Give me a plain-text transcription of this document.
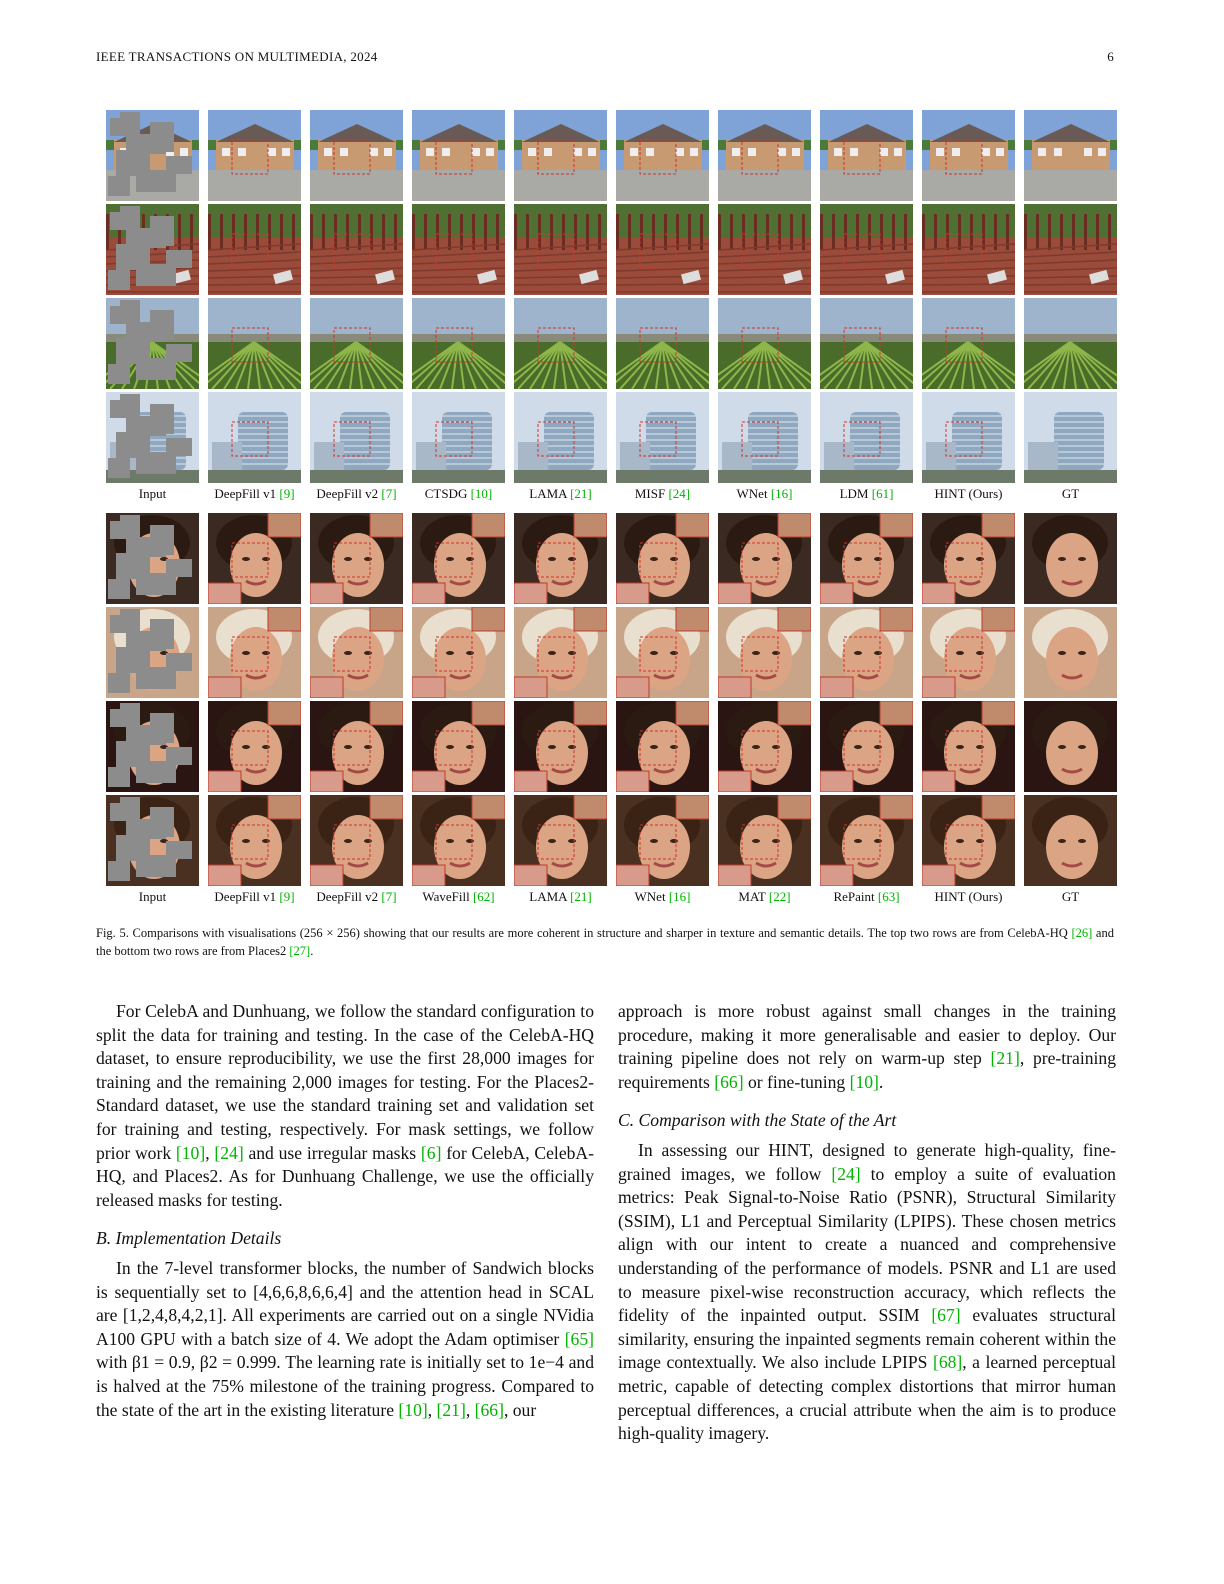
IEEE TRANSACTIONS ON MULTIMEDIA, 2024	6
Input	DeepFill v1 [9]	DeepFill v2 [7]	CTSDG [10]	LAMA [21]	MISF [24]	WNet [16]	LDM [61]	HINT (Ours)	GT
Input	DeepFill v1 [9]	DeepFill v2 [7]	WaveFill [62]	LAMA [21]	WNet [16]	MAT [22]	RePaint [63]	HINT (Ours)	GT
Fig. 5. Comparisons with visualisations (256 × 256) showing that our results are more coherent in structure and sharper in texture and semantic details. The top two rows are from CelebA-HQ [26] and the bottom two rows are from Places2 [27].

For CelebA and Dunhuang, we follow the standard configuration to split the data for training and testing. In the case of the CelebA-HQ dataset, to ensure reproducibility, we use the first 28,000 images for training and the remaining 2,000 images for testing. For the Places2-Standard dataset, we use the standard training set and validation set for training and testing, respectively. For mask settings, we follow prior work [10], [24] and use irregular masks [6] for CelebA, CelebA-HQ, and Places2. As for Dunhuang Challenge, we use the officially released masks for testing.

B. Implementation Details

In the 7-level transformer blocks, the number of Sandwich blocks is sequentially set to [4,6,6,8,6,6,4] and the attention head in SCAL are [1,2,4,8,4,2,1]. All experiments are carried out on a single NVidia A100 GPU with a batch size of 4. We adopt the Adam optimiser [65] with β1 = 0.9, β2 = 0.999. The learning rate is initially set to 1e−4 and is halved at the 75% milestone of the training progress. Compared to the state of the art in the existing literature [10], [21], [66], our

approach is more robust against small changes in the training procedure, making it more generalisable and easier to deploy. Our training pipeline does not rely on warm-up step [21], pre-training requirements [66] or fine-tuning [10].

C. Comparison with the State of the Art

In assessing our HINT, designed to generate high-quality, fine-grained images, we follow [24] to employ a suite of evaluation metrics: Peak Signal-to-Noise Ratio (PSNR), Structural Similarity (SSIM), L1 and Perceptual Similarity (LPIPS). These chosen metrics align with our intent to create a nuanced and comprehensive understanding of the performance of models. PSNR and L1 are used to measure pixel-wise reconstruction accuracy, which reflects the fidelity of the inpainted output. SSIM [67] evaluates structural similarity, ensuring the inpainted segments remain coherent within the image contextually. We also include LPIPS [68], a learned perceptual metric, capable of detecting complex distortions that mirror human perceptual differences, a crucial attribute when the aim is to produce high-quality imagery.
